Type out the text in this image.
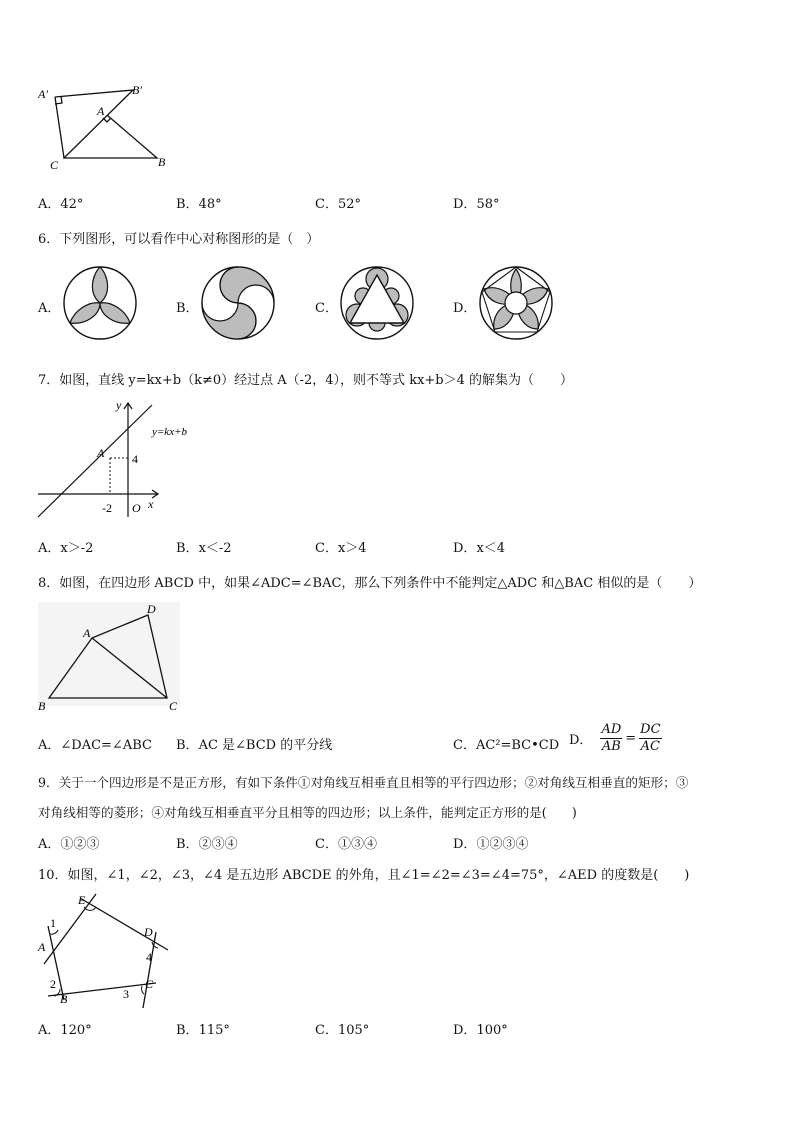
A′	B′
A
B
C
A．42°	B．48°	C．52°	D．58°
6．下列图形，可以看作中心对称图形的是（　）
A．	B．	C．	D．
7．如图，直线 y=kx+b（k≠0）经过点 A（-2，4），则不等式 kx+b＞4 的解集为（　　）
y
x
y=kx+b
A 4
-2 O
A．x＞-2	B．x＜-2	C．x＞4	D．x＜4
8．如图，在四边形 ABCD 中，如果∠ADC=∠BAC，那么下列条件中不能判定△ADC 和△BAC 相似的是（　　）
B
A
D
C
A．∠DAC=∠ABC B．AC 是∠BCD 的平分线	C．AC²=BC•CD D． $\frac{AD}{AB} = \frac{DC}{AC}$
9．关于一个四边形是不是正方形，有如下条件①对角线互相垂直且相等的平行四边形；②对角线互相垂直的矩形；③
对角线相等的菱形；④对角线互相垂直平分且相等的四边形；以上条件，能判定正方形的是(　　)
A．①②③	B．②③④	C．①③④	D．①②③④
10．如图，∠1，∠2，∠3，∠4 是五边形 ABCDE 的外角，且∠1=∠2=∠3=∠4=75°，∠AED 的度数是(　　)
E
D
A
B
C
1
2
3
4
A．120°	B．115°	C．105°	D．100°
